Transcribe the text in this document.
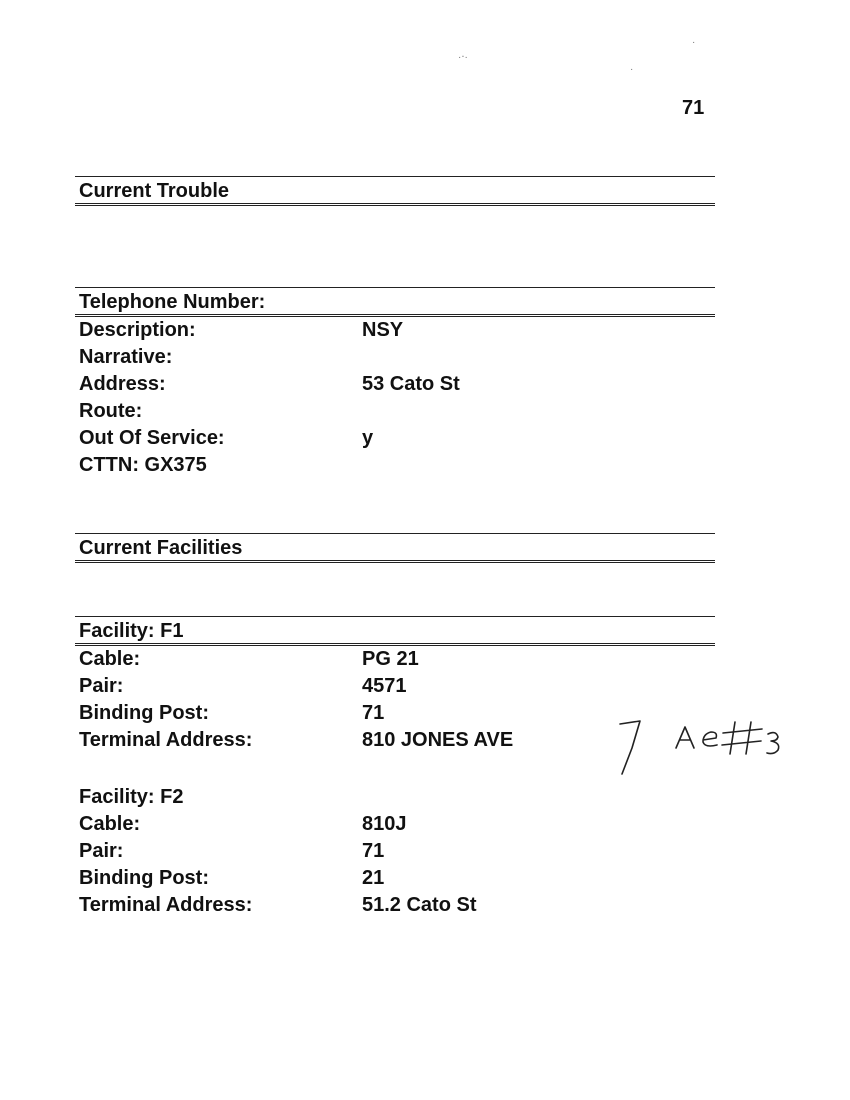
71
Current Trouble
Telephone Number:
Description:	NSY
Narrative:
Address:	53 Cato St
Route:
Out Of Service:	y
CTTN: GX375
Current Facilities
Facility: F1
Cable:	PG 21
Pair:	4571
Binding Post:	71
Terminal Address:	810 JONES AVE
Facility: F2
Cable:	810J
Pair:	71
Binding Post:	21
Terminal Address:	51.2 Cato St
·‧·
·
·
